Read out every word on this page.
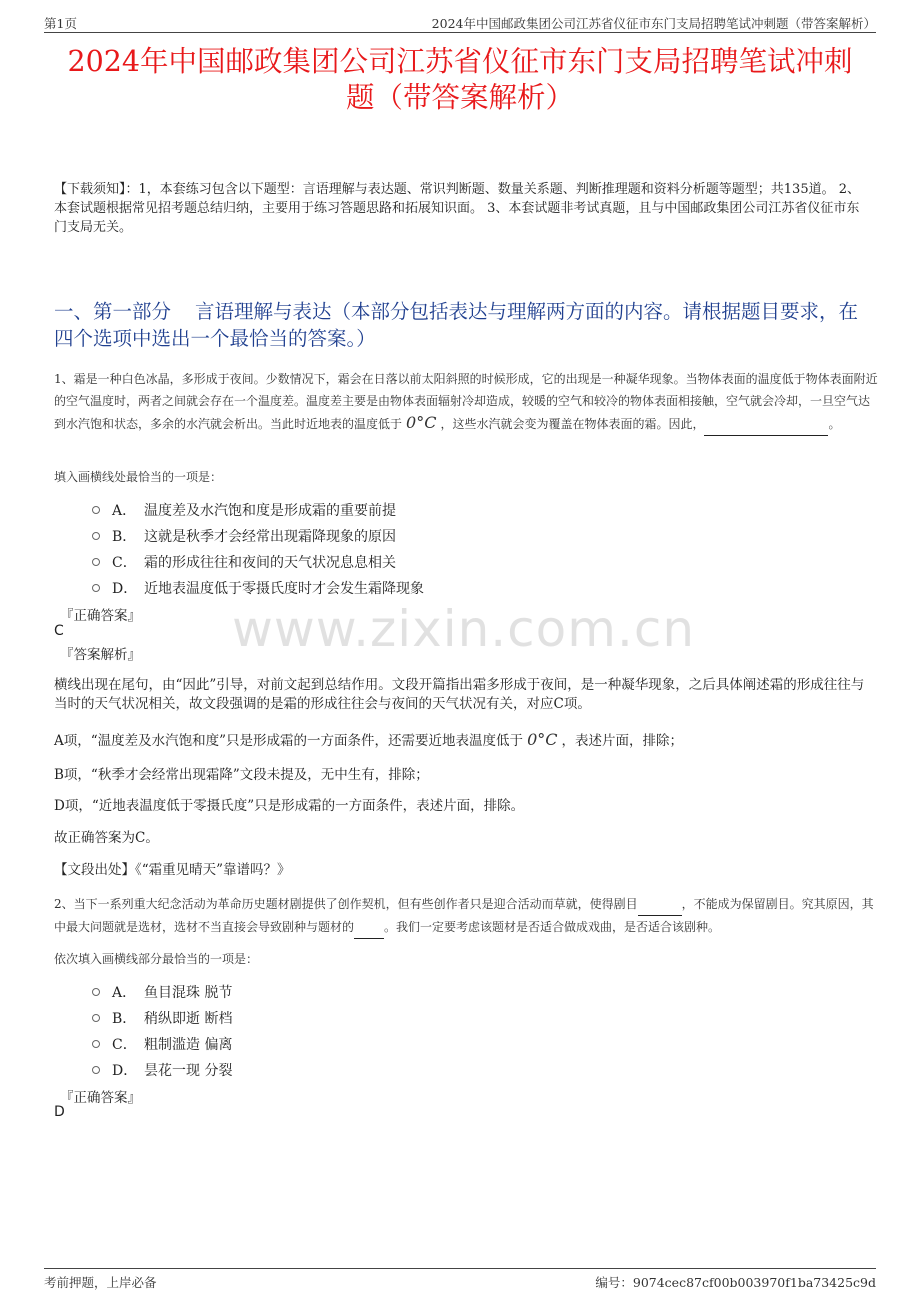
第1页	2024年中国邮政集团公司江苏省仪征市东门支局招聘笔试冲刺题（带答案解析）
2024年中国邮政集团公司江苏省仪征市东门支局招聘笔试冲刺
题（带答案解析）
【下载须知】：1，本套练习包含以下题型：言语理解与表达题、常识判断题、数量关系题、判断推理题和资料分析题等题型；共135道。 2、本套试题根据常见招考题总结归纳，主要用于练习答题思路和拓展知识面。 3、本套试题非考试真题，且与中国邮政集团公司江苏省仪征市东门支局无关。
一、第一部分 言语理解与表达（本部分包括表达与理解两方面的内容。请根据题目要求，在四个选项中选出一个最恰当的答案。）
1、霜是一种白色冰晶，多形成于夜间。少数情况下，霜会在日落以前太阳斜照的时候形成，它的出现是一种凝华现象。当物体表面的温度低于物体表面附近的空气温度时，两者之间就会存在一个温度差。温度差主要是由物体表面辐射冷却造成，较暖的空气和较冷的物体表面相接触，空气就会冷却，一旦空气达到水汽饱和状态，多余的水汽就会析出。当此时近地表的温度低于 0°C ，这些水汽就会变为覆盖在物体表面的霜。因此，	。
填入画横线处最恰当的一项是：
A． 温度差及水汽饱和度是形成霜的重要前提
B． 这就是秋季才会经常出现霜降现象的原因
C． 霜的形成往往和夜间的天气状况息息相关
D． 近地表温度低于零摄氏度时才会发生霜降现象
『正确答案』
C
『答案解析』
横线出现在尾句，由“因此”引导，对前文起到总结作用。文段开篇指出霜多形成于夜间，是一种凝华现象，之后具体阐述霜的形成往往与当时的天气状况相关，故文段强调的是霜的形成往往会与夜间的天气状况有关，对应C项。
A项，“温度差及水汽饱和度”只是形成霜的一方面条件，还需要近地表温度低于 0°C ，表述片面，排除；
B项，“秋季才会经常出现霜降”文段未提及，无中生有，排除；
D项，“近地表温度低于零摄氏度”只是形成霜的一方面条件，表述片面，排除。
故正确答案为C。
【文段出处】《“霜重见晴天”靠谱吗？》
2、当下一系列重大纪念活动为革命历史题材剧提供了创作契机，但有些创作者只是迎合活动而草就，使得剧目	，不能成为保留剧目。究其原因，其中最大问题就是选材，选材不当直接会导致剧种与题材的	。我们一定要考虑该题材是否适合做成戏曲，是否适合该剧种。
依次填入画横线部分最恰当的一项是：
A． 鱼目混珠 脱节
B． 稍纵即逝 断档
C． 粗制滥造 偏离
D． 昙花一现 分裂
『正确答案』
D
www.zixin.com.cn
考前押题，上岸必备	编号：9074cec87cf00b003970f1ba73425c9d
